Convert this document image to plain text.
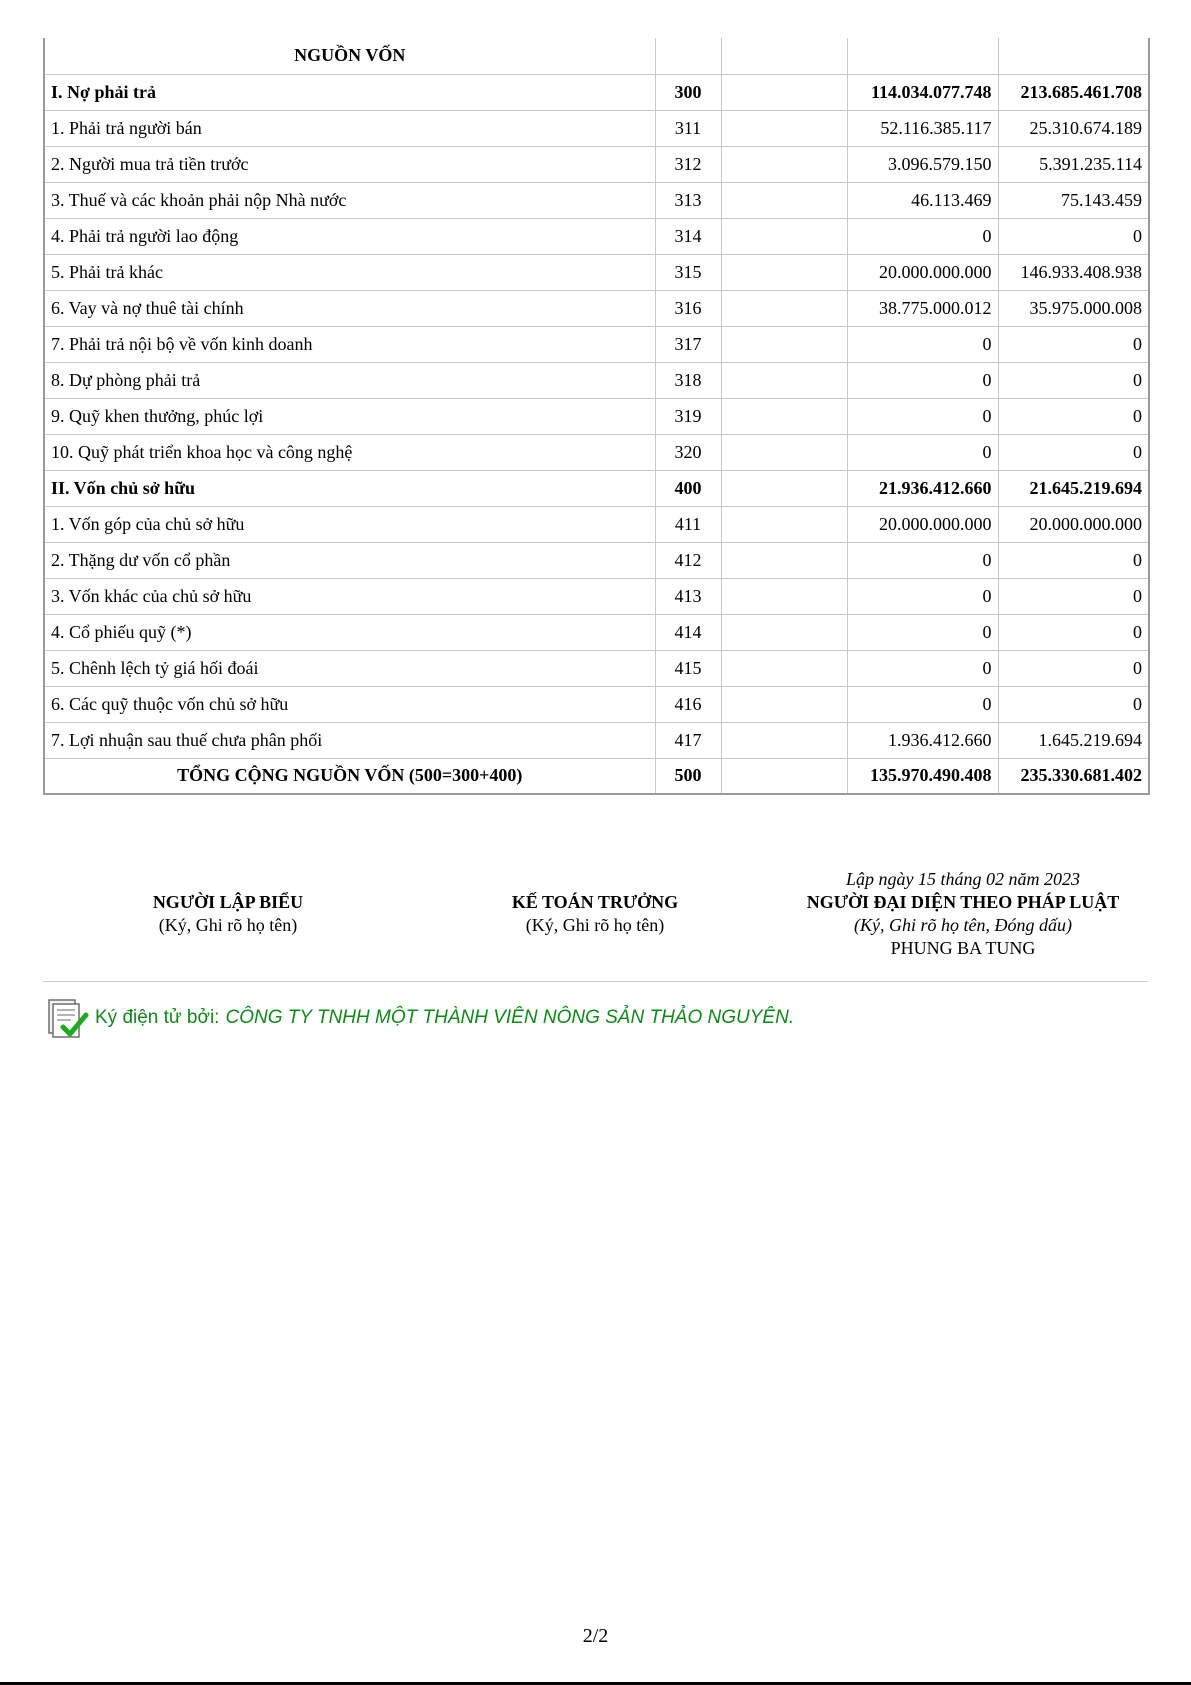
NGUỒN VỐN				
I. Nợ phải trả	300		114.034.077.748	213.685.461.708
1. Phải trả người bán	311		52.116.385.117	25.310.674.189
2. Người mua trả tiền trước	312		3.096.579.150	5.391.235.114
3. Thuế và các khoản phải nộp Nhà nước	313		46.113.469	75.143.459
4. Phải trả người lao động	314		0	0
5. Phải trả khác	315		20.000.000.000	146.933.408.938
6. Vay và nợ thuê tài chính	316		38.775.000.012	35.975.000.008
7. Phải trả nội bộ về vốn kinh doanh	317		0	0
8. Dự phòng phải trả	318		0	0
9. Quỹ khen thưởng, phúc lợi	319		0	0
10. Quỹ phát triển khoa học và công nghệ	320		0	0
II. Vốn chủ sở hữu	400		21.936.412.660	21.645.219.694
1. Vốn góp của chủ sở hữu	411		20.000.000.000	20.000.000.000
2. Thặng dư vốn cổ phần	412		0	0
3. Vốn khác của chủ sở hữu	413		0	0
4. Cổ phiếu quỹ (*)	414		0	0
5. Chênh lệch tỷ giá hối đoái	415		0	0
6. Các quỹ thuộc vốn chủ sở hữu	416		0	0
7. Lợi nhuận sau thuế chưa phân phối	417		1.936.412.660	1.645.219.694
TỔNG CỘNG NGUỒN VỐN (500=300+400)	500		135.970.490.408	235.330.681.402
NGƯỜI LẬP BIỂU
(Ký, Ghi rõ họ tên)
KẾ TOÁN TRƯỞNG
(Ký, Ghi rõ họ tên)
Lập ngày 15 tháng 02 năm 2023
NGƯỜI ĐẠI DIỆN THEO PHÁP LUẬT
(Ký, Ghi rõ họ tên, Đóng dấu)
PHUNG BA TUNG
Ký điện tử bởi: CÔNG TY TNHH MỘT THÀNH VIÊN NÔNG SẢN THẢO NGUYÊN.
2/2
